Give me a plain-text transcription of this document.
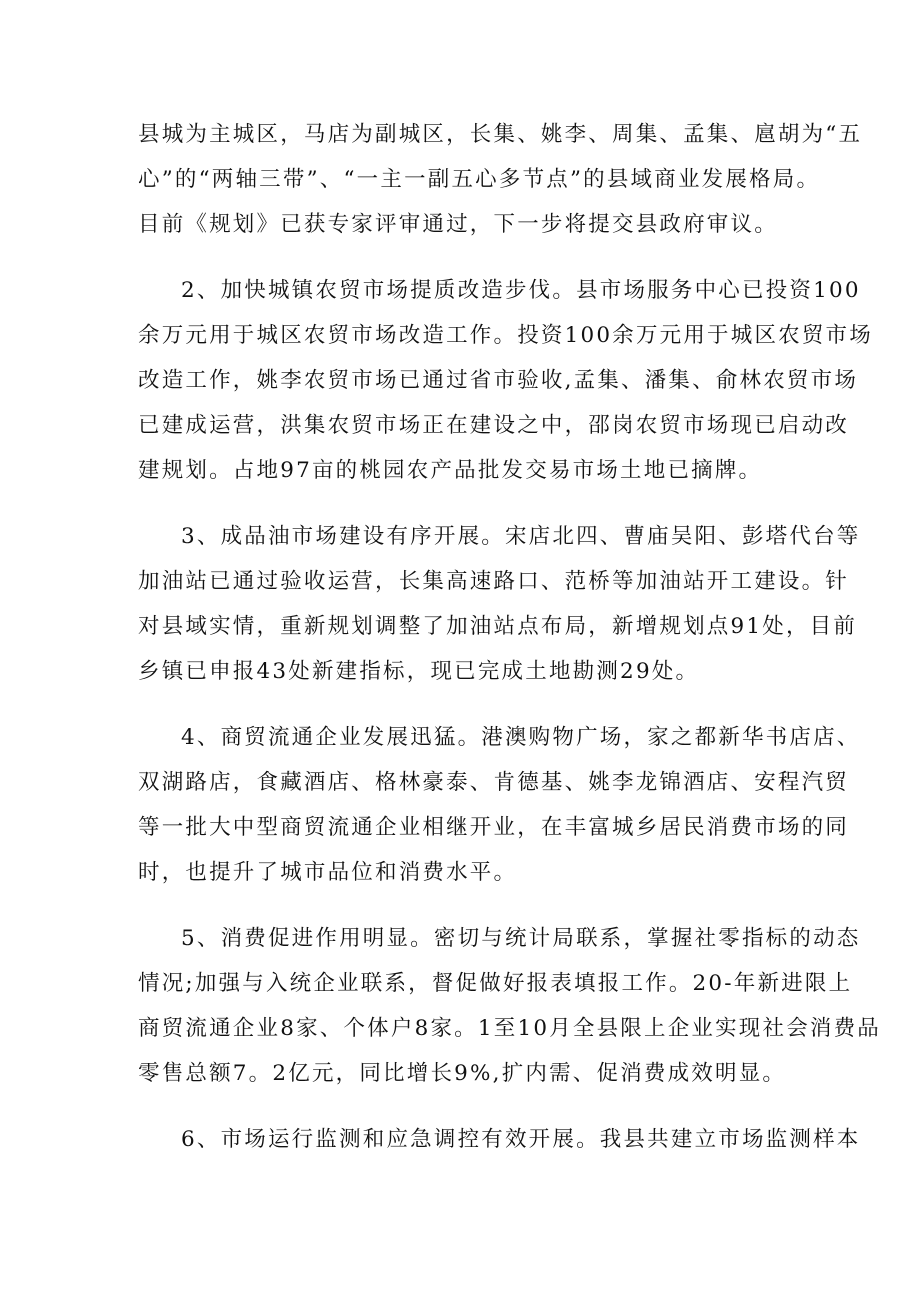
县城为主城区，马店为副城区，长集、姚李、周集、孟集、扈胡为“五
心”的“两轴三带”、“一主一副五心多节点”的县域商业发展格局。
目前《规划》已获专家评审通过，下一步将提交县政府审议。
2、加快城镇农贸市场提质改造步伐。县市场服务中心已投资100
余万元用于城区农贸市场改造工作。投资100余万元用于城区农贸市场
改造工作，姚李农贸市场已通过省市验收,孟集、潘集、俞林农贸市场
已建成运营，洪集农贸市场正在建设之中，邵岗农贸市场现已启动改
建规划。占地97亩的桃园农产品批发交易市场土地已摘牌。
3、成品油市场建设有序开展。宋店北四、曹庙吴阳、彭塔代台等
加油站已通过验收运营，长集高速路口、范桥等加油站开工建设。针
对县域实情，重新规划调整了加油站点布局，新增规划点91处，目前
乡镇已申报43处新建指标，现已完成土地勘测29处。
4、商贸流通企业发展迅猛。港澳购物广场，家之都新华书店店、
双湖路店，食藏酒店、格林豪泰、肯德基、姚李龙锦酒店、安程汽贸
等一批大中型商贸流通企业相继开业，在丰富城乡居民消费市场的同
时，也提升了城市品位和消费水平。
5、消费促进作用明显。密切与统计局联系，掌握社零指标的动态
情况;加强与入统企业联系，督促做好报表填报工作。20-年新进限上
商贸流通企业8家、个体户8家。1至10月全县限上企业实现社会消费品
零售总额7。2亿元，同比增长9%,扩内需、促消费成效明显。
6、市场运行监测和应急调控有效开展。我县共建立市场监测样本
